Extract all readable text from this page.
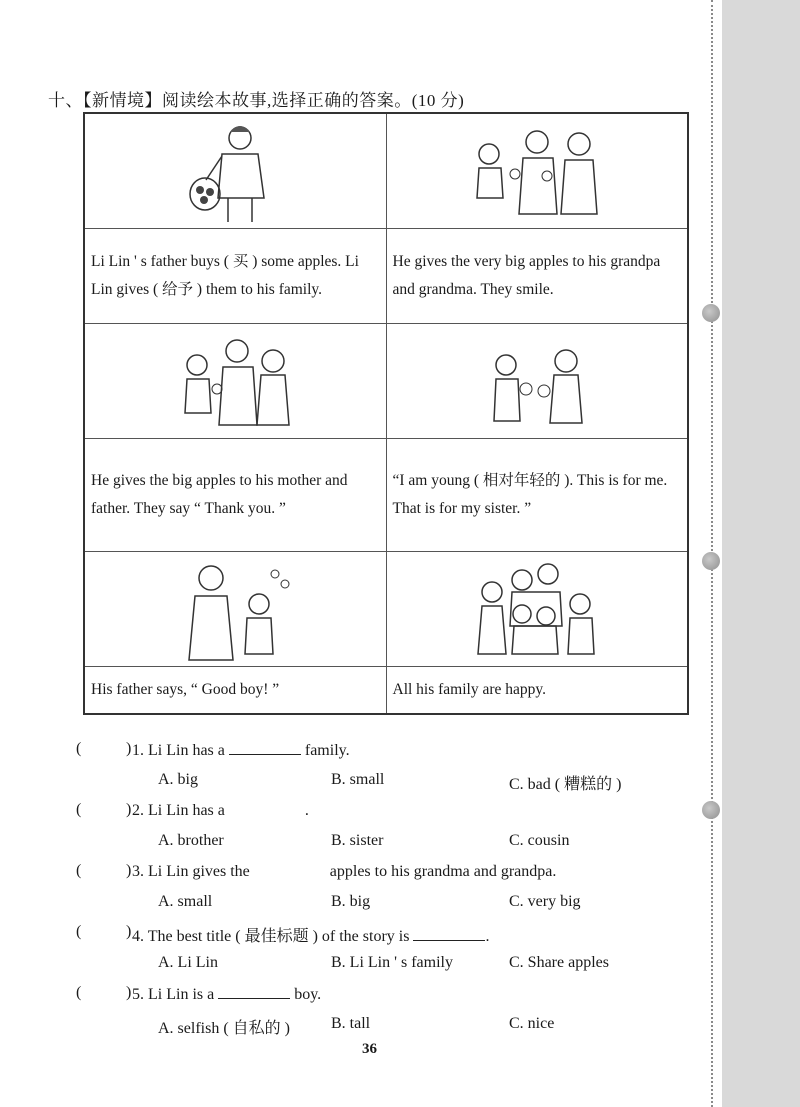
十、【新情境】阅读绘本故事,选择正确的答案。(10 分)

Li Lin ' s father buys ( 买 ) some apples. Li Lin gives ( 给予 ) them to his family.	He gives the very big apples to his grandpa and grandma. They smile.

He gives the big apples to his mother and father. They say “ Thank you. ”	“I am young ( 相对年轻的 ). This is for me. That is for my sister. ”

His father says, “ Good boy! ”	All his family are happy.
(	) 1. Li Lin has a	family.
A. big	B. small	C. bad ( 糟糕的 )
(	) 2. Li Lin has a	.
A. brother	B. sister	C. cousin
(	) 3. Li Lin gives the	apples to his grandma and grandpa.
A. small	B. big	C. very big
(	) 4. The best title ( 最佳标题 ) of the story is	.
A. Li Lin	B. Li Lin ' s family	C. Share apples
(	) 5. Li Lin is a	boy.
A. selfish ( 自私的 )	B. tall	C. nice
36
